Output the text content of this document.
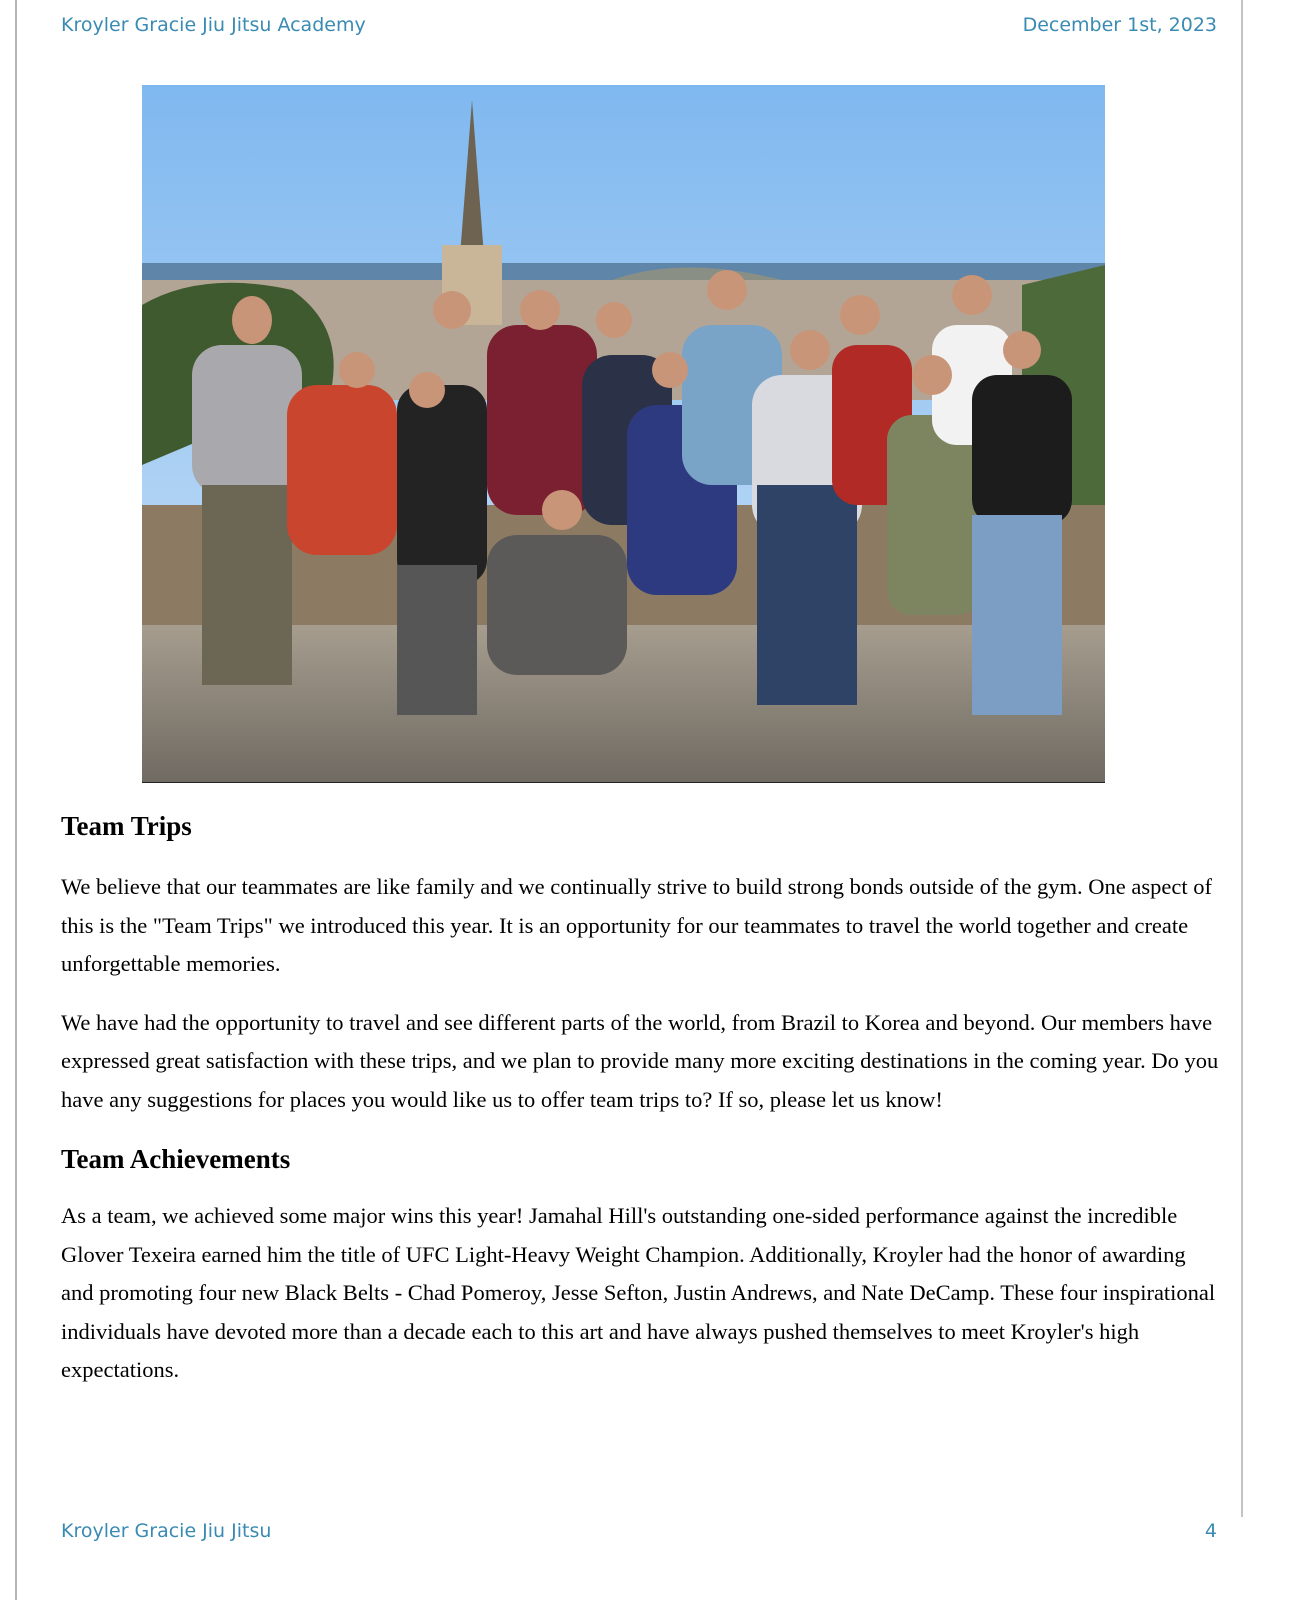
Kroyler Gracie Jiu Jitsu Academy	December 1st, 2023
Team Trips

We believe that our teammates are like family and we continually strive to build strong bonds outside of the gym. One aspect of this is the "Team Trips" we introduced this year. It is an opportunity for our teammates to travel the world together and create unforgettable memories.

We have had the opportunity to travel and see different parts of the world, from Brazil to Korea and beyond. Our members have expressed great satisfaction with these trips, and we plan to provide many more exciting destinations in the coming year. Do you have any suggestions for places you would like us to offer team trips to? If so, please let us know!

Team Achievements

As a team, we achieved some major wins this year! Jamahal Hill's outstanding one-sided performance against the incredible Glover Texeira earned him the title of UFC Light-Heavy Weight Champion. Additionally, Kroyler had the honor of awarding and promoting four new Black Belts - Chad Pomeroy, Jesse Sefton, Justin Andrews, and Nate DeCamp. These four inspirational individuals have devoted more than a decade each to this art and have always pushed themselves to meet Kroyler's high expectations.

Kroyler Gracie Jiu Jitsu	4
